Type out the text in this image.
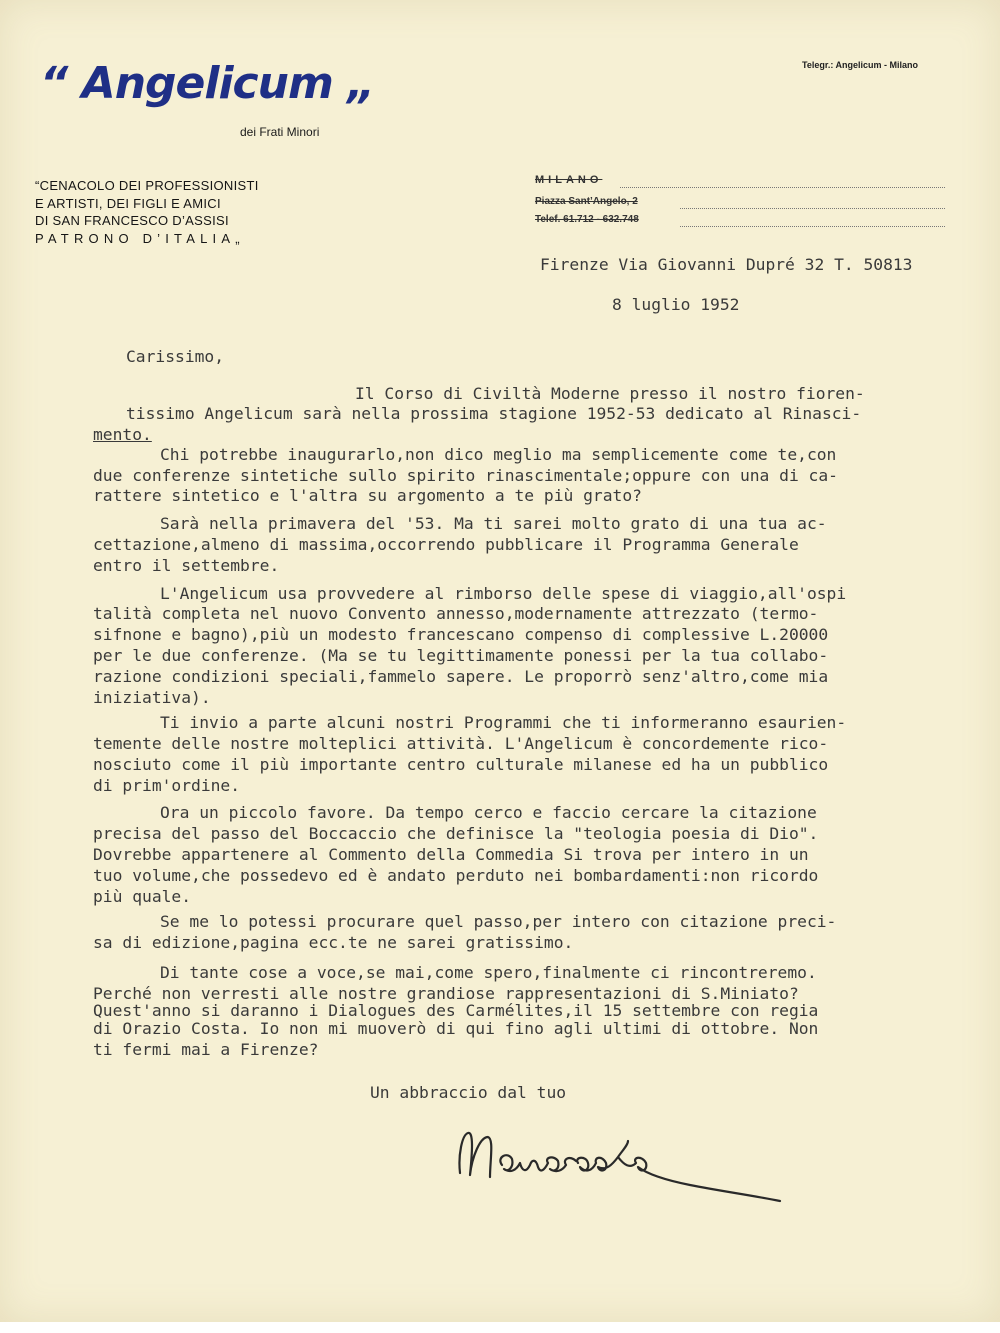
“ Angelicum „
dei Frati Minori
“CENACOLO DEI PROFESSIONISTI
E ARTISTI, DEI FIGLI E AMICI
DI SAN FRANCESCO D’ASSISI
PATRONO D’ITALIA„
Telegr.: Angelicum - Milano
MILANO
Piazza Sant’Angelo, 2
Telef. 61.712 - 632.748
Firenze Via Giovanni Dupré 32 T. 50813
8 luglio 1952
Carissimo,
Il Corso di Civiltà Moderne presso il nostro fioren-
tissimo Angelicum sarà nella prossima stagione 1952-53 dedicato al Rinasci-
mento.
Chi potrebbe inaugurarlo,non dico meglio ma semplicemente come te,con
due conferenze sintetiche sullo spirito rinascimentale;oppure con una di ca-
rattere sintetico e l'altra su argomento a te più grato?
Sarà nella primavera del '53. Ma ti sarei molto grato di una tua ac-
cettazione,almeno di massima,occorrendo pubblicare il Programma Generale
entro il settembre.
L'Angelicum usa provvedere al rimborso delle spese di viaggio,all'ospi
talità completa nel nuovo Convento annesso,modernamente attrezzato (termo-
sifnone e bagno),più un modesto francescano compenso di complessive L.20000
per le due conferenze. (Ma se tu legittimamente ponessi per la tua collabo-
razione condizioni speciali,fammelo sapere. Le proporrò senz'altro,come mia
iniziativa).
Ti invio a parte alcuni nostri Programmi che ti informeranno esaurien-
temente delle nostre molteplici attività. L'Angelicum è concordemente rico-
nosciuto come il più importante centro culturale milanese ed ha un pubblico
di prim'ordine.
Ora un piccolo favore. Da tempo cerco e faccio cercare la citazione
precisa del passo del Boccaccio che definisce la "teologia poesia di Dio".
Dovrebbe appartenere al Commento della Commedia Si trova per intero in un
tuo volume,che possedevo ed è andato perduto nei bombardamenti:non ricordo
più quale.
Se me lo potessi procurare quel passo,per intero con citazione preci-
sa di edizione,pagina ecc.te ne sarei gratissimo.
Di tante cose a voce,se mai,come spero,finalmente ci rincontreremo.
Perché non verresti alle nostre grandiose rappresentazioni di S.Miniato?
Quest'anno si daranno i Dialogues des Carmélites,il 15 settembre con regia
di Orazio Costa. Io non mi muoverò di qui fino agli ultimi di ottobre. Non
ti fermi mai a Firenze?
Un abbraccio dal tuo
